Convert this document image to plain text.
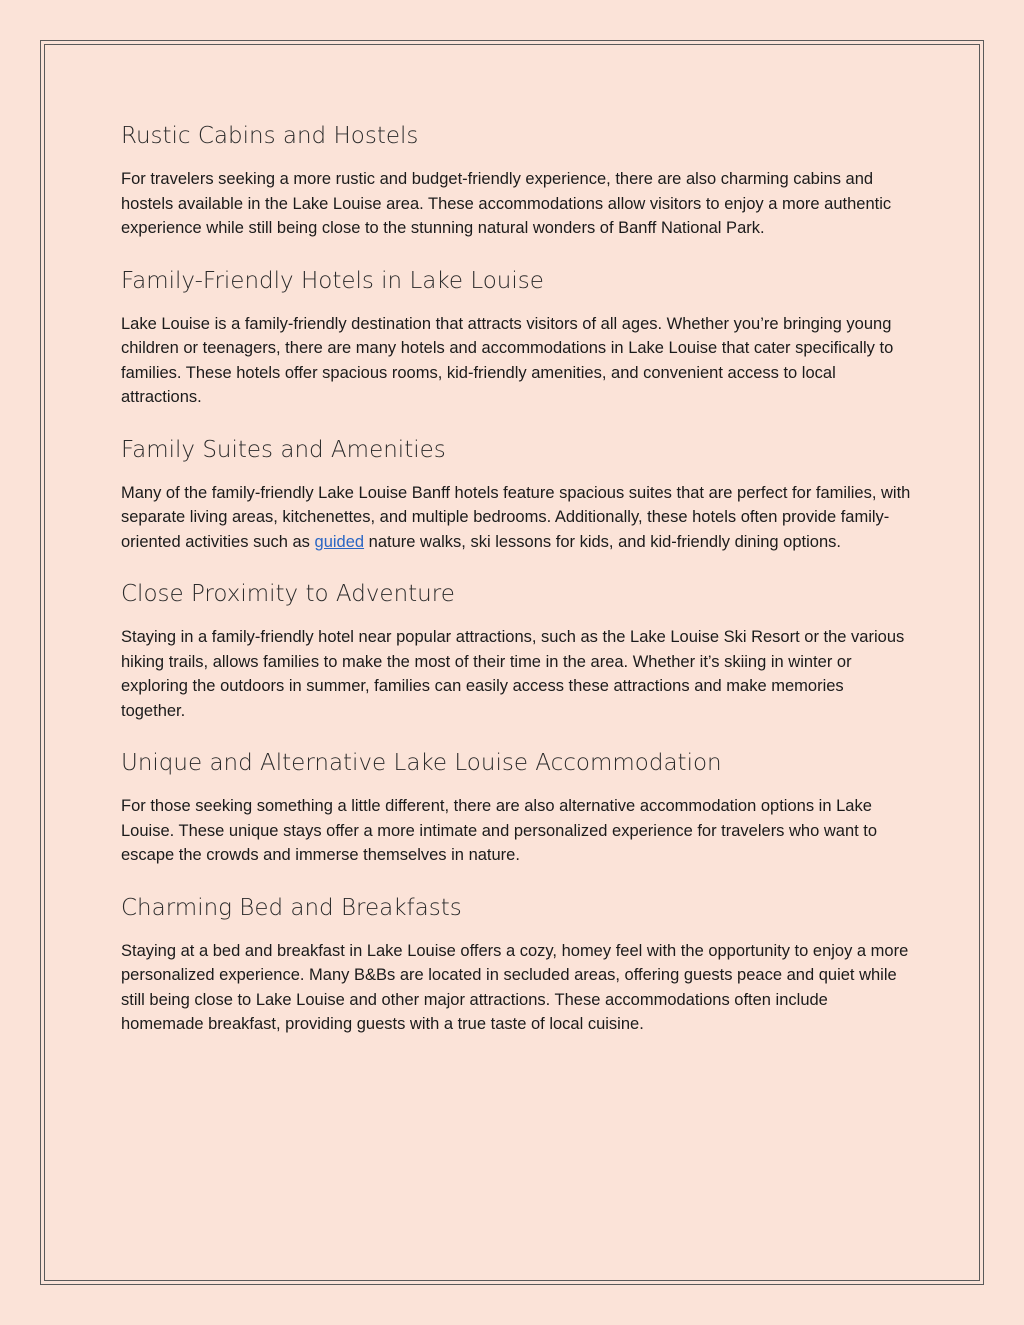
Rustic Cabins and Hostels

For travelers seeking a more rustic and budget-friendly experience, there are also charming cabins and hostels available in the Lake Louise area. These accommodations allow visitors to enjoy a more authentic experience while still being close to the stunning natural wonders of Banff National Park.

Family-Friendly Hotels in Lake Louise

Lake Louise is a family-friendly destination that attracts visitors of all ages. Whether you’re bringing young children or teenagers, there are many hotels and accommodations in Lake Louise that cater specifically to families. These hotels offer spacious rooms, kid-friendly amenities, and convenient access to local attractions.

Family Suites and Amenities

Many of the family-friendly Lake Louise Banff hotels feature spacious suites that are perfect for families, with separate living areas, kitchenettes, and multiple bedrooms. Additionally, these hotels often provide family-oriented activities such as guided nature walks, ski lessons for kids, and kid-friendly dining options.

Close Proximity to Adventure

Staying in a family-friendly hotel near popular attractions, such as the Lake Louise Ski Resort or the various hiking trails, allows families to make the most of their time in the area. Whether it’s skiing in winter or exploring the outdoors in summer, families can easily access these attractions and make memories together.

Unique and Alternative Lake Louise Accommodation

For those seeking something a little different, there are also alternative accommodation options in Lake Louise. These unique stays offer a more intimate and personalized experience for travelers who want to escape the crowds and immerse themselves in nature.

Charming Bed and Breakfasts

Staying at a bed and breakfast in Lake Louise offers a cozy, homey feel with the opportunity to enjoy a more personalized experience. Many B&Bs are located in secluded areas, offering guests peace and quiet while still being close to Lake Louise and other major attractions. These accommodations often include homemade breakfast, providing guests with a true taste of local cuisine.
